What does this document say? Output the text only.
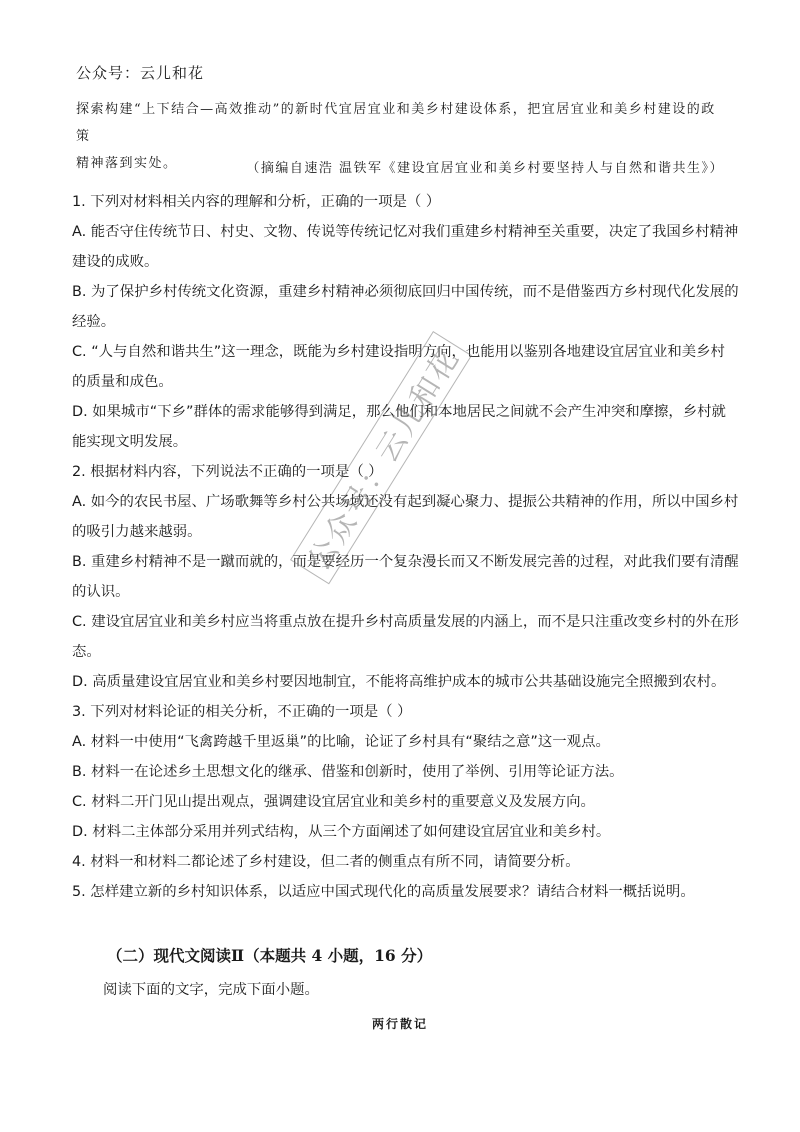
公众号：云儿和花
探索构建“上下结合—高效推动”的新时代宜居宜业和美乡村建设体系，把宜居宜业和美乡村建设的政策
精神落到实处。	（摘编自速浩 温铁军《建设宜居宜业和美乡村要坚持人与自然和谐共生》）
1. 下列对材料相关内容的理解和分析，正确的一项是（ ）
A. 能否守住传统节日、村史、文物、传说等传统记忆对我们重建乡村精神至关重要，决定了我国乡村精神
建设的成败。
B. 为了保护乡村传统文化资源，重建乡村精神必须彻底回归中国传统，而不是借鉴西方乡村现代化发展的
经验。
C. “人与自然和谐共生”这一理念，既能为乡村建设指明方向，也能用以鉴别各地建设宜居宜业和美乡村
的质量和成色。
D. 如果城市“下乡”群体的需求能够得到满足，那么他们和本地居民之间就不会产生冲突和摩擦，乡村就
能实现文明发展。
2. 根据材料内容，下列说法不正确的一项是（ ）
A. 如今的农民书屋、广场歌舞等乡村公共场域还没有起到凝心聚力、提振公共精神的作用，所以中国乡村
的吸引力越来越弱。
B. 重建乡村精神不是一蹴而就的，而是要经历一个复杂漫长而又不断发展完善的过程，对此我们要有清醒
的认识。
C. 建设宜居宜业和美乡村应当将重点放在提升乡村高质量发展的内涵上，而不是只注重改变乡村的外在形
态。
D. 高质量建设宜居宜业和美乡村要因地制宜，不能将高维护成本的城市公共基础设施完全照搬到农村。
3. 下列对材料论证的相关分析，不正确的一项是（ ）
A. 材料一中使用“飞禽跨越千里返巢”的比喻，论证了乡村具有“聚结之意”这一观点。
B. 材料一在论述乡土思想文化的继承、借鉴和创新时，使用了举例、引用等论证方法。
C. 材料二开门见山提出观点，强调建设宜居宜业和美乡村的重要意义及发展方向。
D. 材料二主体部分采用并列式结构，从三个方面阐述了如何建设宜居宜业和美乡村。
4. 材料一和材料二都论述了乡村建设，但二者的侧重点有所不同，请简要分析。
5. 怎样建立新的乡村知识体系，以适应中国式现代化的高质量发展要求？请结合材料一概括说明。
（二）现代文阅读Ⅱ（本题共 4 小题，16 分）
阅读下面的文字，完成下面小题。
两行散记
公众号：云儿和花
